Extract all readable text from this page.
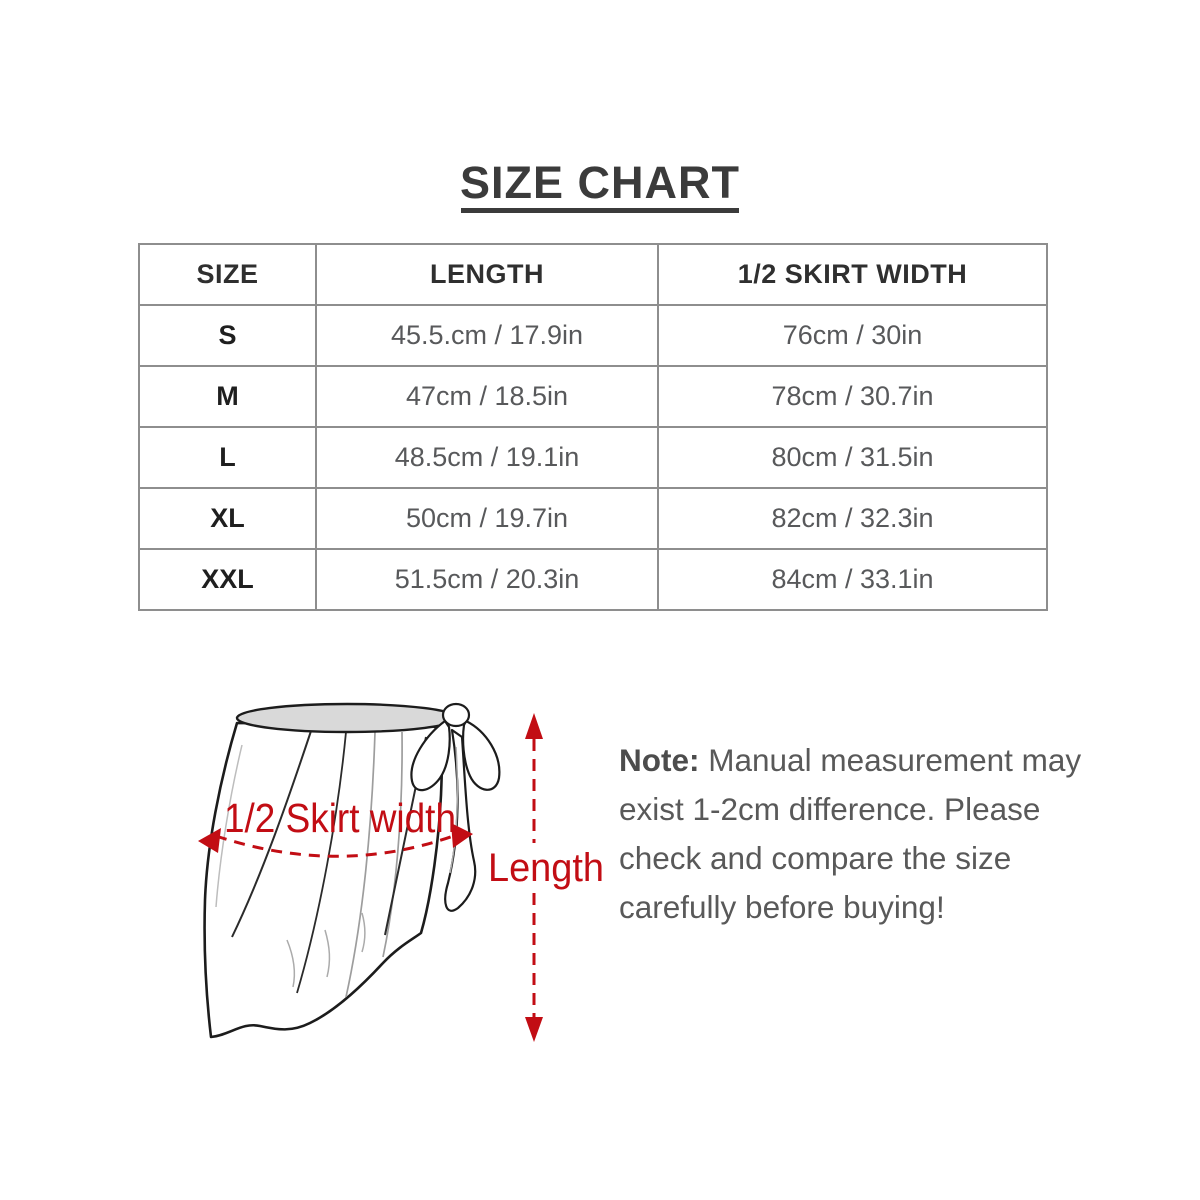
SIZE CHART
SIZE	LENGTH	1/2 SKIRT WIDTH
S	45.5.cm / 17.9in	76cm / 30in
M	47cm / 18.5in	78cm / 30.7in
L	48.5cm / 19.1in	80cm / 31.5in
XL	50cm / 19.7in	82cm / 32.3in
XXL	51.5cm / 20.3in	84cm / 33.1in
1/2 Skirt width
Length
Note: Manual measurement may
exist 1-2cm difference. Please
check and compare the size
carefully before buying!
